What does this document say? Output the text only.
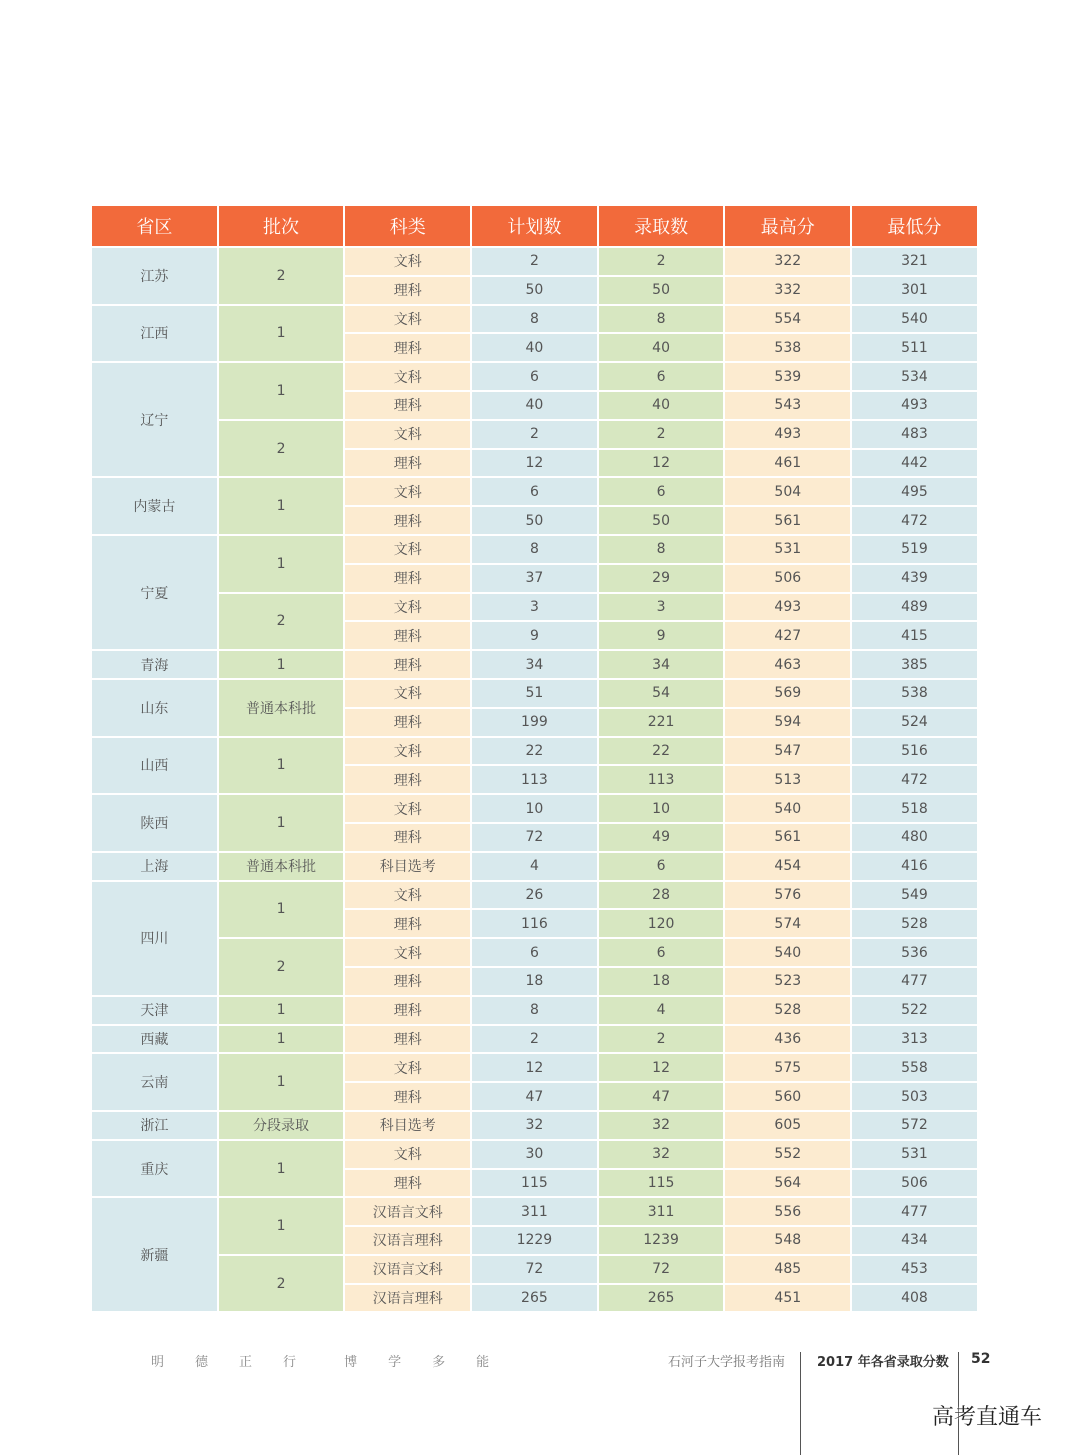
省区	批次	科类	计划数	录取数	最高分	最低分
江苏	2	文科	2	2	322	321
		理科	50	50	332	301
江西	1	文科	8	8	554	540
		理科	40	40	538	511
辽宁	1	文科	6	6	539	534
		理科	40	40	543	493
	2	文科	2	2	493	483
		理科	12	12	461	442
内蒙古	1	文科	6	6	504	495
		理科	50	50	561	472
宁夏	1	文科	8	8	531	519
		理科	37	29	506	439
	2	文科	3	3	493	489
		理科	9	9	427	415
青海	1	理科	34	34	463	385
山东	普通本科批	文科	51	54	569	538
		理科	199	221	594	524
山西	1	文科	22	22	547	516
		理科	113	113	513	472
陕西	1	文科	10	10	540	518
		理科	72	49	561	480
上海	普通本科批	科目选考	4	6	454	416
四川	1	文科	26	28	576	549
		理科	116	120	574	528
	2	文科	6	6	540	536
		理科	18	18	523	477
天津	1	理科	8	4	528	522
西藏	1	理科	2	2	436	313
云南	1	文科	12	12	575	558
		理科	47	47	560	503
浙江	分段录取	科目选考	32	32	605	572
重庆	1	文科	30	32	552	531
		理科	115	115	564	506
新疆	1	汉语言文科	311	311	556	477
		汉语言理科	1229	1239	548	434
	2	汉语言文科	72	72	485	453
		汉语言理科	265	265	451	408
明 德 正 行	博 学 多 能	石河子大学报考指南 2017 年各省录取分数 52
高考直通车
